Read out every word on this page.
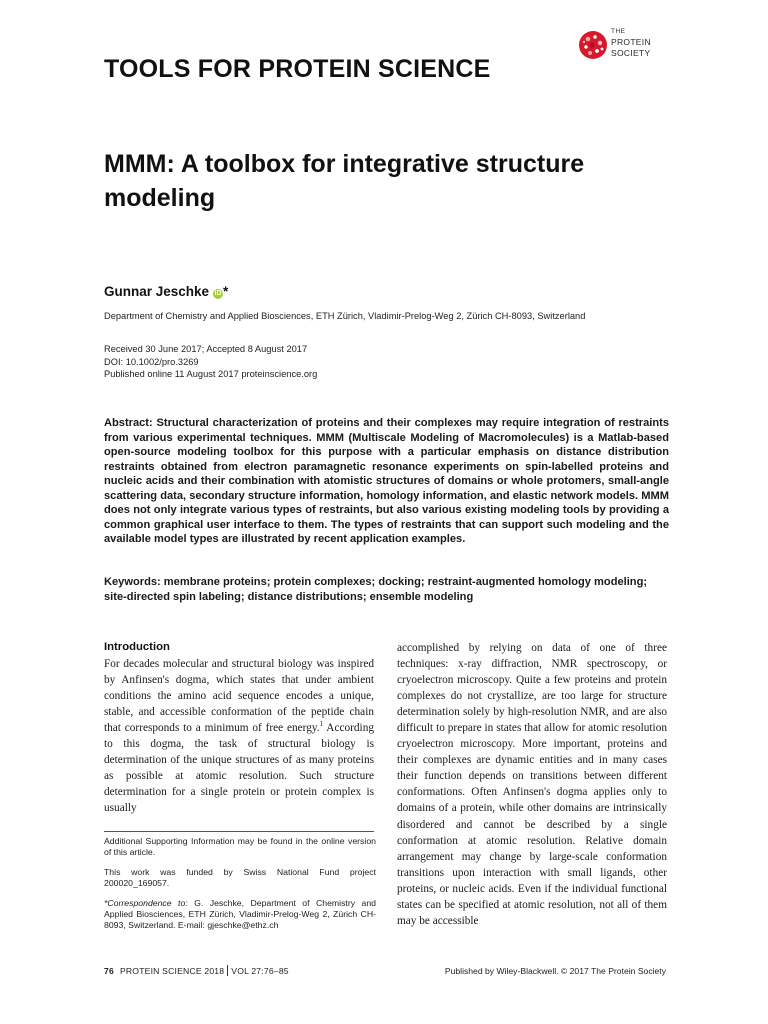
THE
PROTEIN
SOCIETY
TOOLS FOR PROTEIN SCIENCE
MMM: A toolbox for integrative structure modeling
Gunnar Jeschke iD *
Department of Chemistry and Applied Biosciences, ETH Zürich, Vladimir-Prelog-Weg 2, Zürich CH-8093, Switzerland
Received 30 June 2017; Accepted 8 August 2017
DOI: 10.1002/pro.3269
Published online 11 August 2017 proteinscience.org
Abstract: Structural characterization of proteins and their complexes may require integration of restraints from various experimental techniques. MMM (Multiscale Modeling of Macromolecules) is a Matlab-based open-source modeling toolbox for this purpose with a particular emphasis on distance distribution restraints obtained from electron paramagnetic resonance experiments on spin-labelled proteins and nucleic acids and their combination with atomistic structures of domains or whole protomers, small-angle scattering data, secondary structure information, homology information, and elastic network models. MMM does not only integrate various types of restraints, but also various existing modeling tools by providing a common graphical user interface to them. The types of restraints that can support such modeling and the available model types are illustrated by recent application examples.
Keywords: membrane proteins; protein complexes; docking; restraint-augmented homology modeling; site-directed spin labeling; distance distributions; ensemble modeling
Introduction
For decades molecular and structural biology was inspired by Anfinsen's dogma, which states that under ambient conditions the amino acid sequence encodes a unique, stable, and accessible conformation of the peptide chain that corresponds to a minimum of free energy.$^1$ According to this dogma, the task of structural biology is determination of the unique structures of as many proteins as possible at atomic resolution. Such structure determination for a single protein or protein complex is usually
accomplished by relying on data of one of three techniques: x-ray diffraction, NMR spectroscopy, or cryoelectron microscopy. Quite a few proteins and protein complexes do not crystallize, are too large for structure determination solely by high-resolution NMR, and are also difficult to prepare in states that allow for atomic resolution cryoelectron microscopy. More important, proteins and their complexes are dynamic entities and in many cases their function depends on transitions between different conformations. Often Anfinsen's dogma applies only to domains of a protein, while other domains are intrinsically disordered and cannot be described by a single conformation at atomic resolution. Relative domain arrangement may change by large-scale conformation transitions upon interaction with small ligands, other proteins, or nucleic acids. Even if the individual functional states can be specified at atomic resolution, not all of them may be accessible

Additional Supporting Information may be found in the online version of this article.

This work was funded by Swiss National Fund project 200020_169057.

*Correspondence to: G. Jeschke, Department of Chemistry and Applied Biosciences, ETH Zürich, Vladimir-Prelog-Weg 2, Zürich CH-8093, Switzerland. E-mail: gjeschke@ethz.ch

76 PROTEIN SCIENCE 2018 VOL 27:76–85	Published by Wiley-Blackwell. © 2017 The Protein Society
